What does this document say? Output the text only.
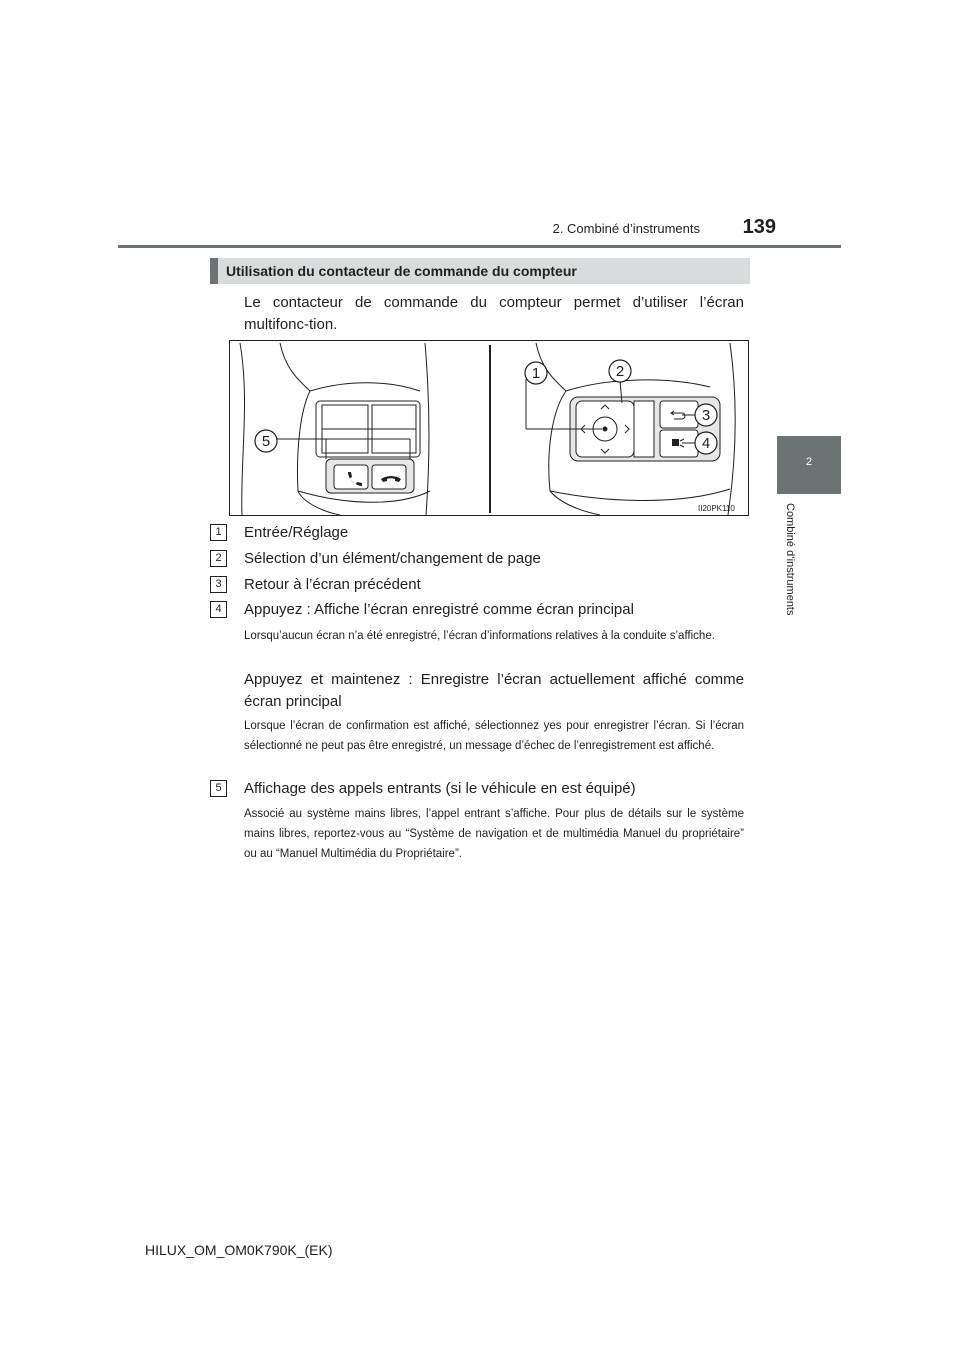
2. Combiné d’instruments	139
2
Combiné d’instruments
Utilisation du contacteur de commande du compteur
Le contacteur de commande du compteur permet d’utiliser l’écran multifonc-tion.
5
1	2
3
4
II20PK110
1	Entrée/Réglage
2	Sélection d’un élément/changement de page
3	Retour à l’écran précédent
4	Appuyez : Affiche l’écran enregistré comme écran principal
Lorsqu’aucun écran n’a été enregistré, l’écran d’informations relatives à la conduite s’affiche.
Appuyez et maintenez : Enregistre l’écran actuellement affiché comme écran principal
Lorsque l’écran de confirmation est affiché, sélectionnez yes pour enregistrer l’écran. Si l’écran sélectionné ne peut pas être enregistré, un message d’échec de l’enregistrement est affiché.
5	Affichage des appels entrants (si le véhicule en est équipé)
Associé au système mains libres, l’appel entrant s’affiche. Pour plus de détails sur le système mains libres, reportez-vous au “Système de navigation et de multimédia Manuel du propriétaire” ou au “Manuel Multimédia du Propriétaire”.
HILUX_OM_OM0K790K_(EK)
